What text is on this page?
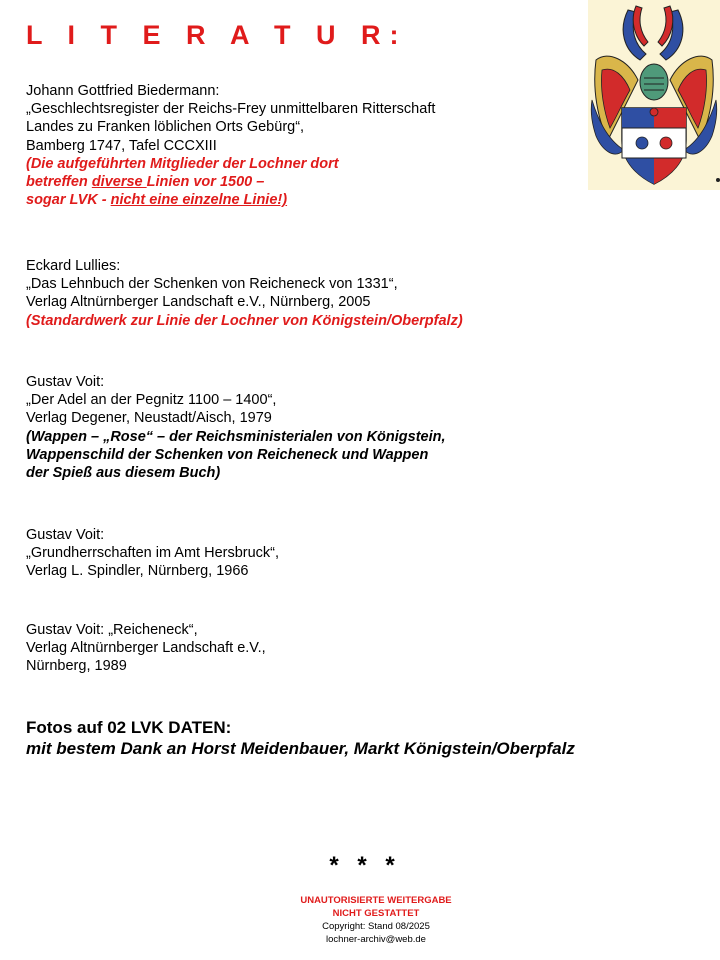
L I T E R A T U R:
Johann Gottfried Biedermann:
„Geschlechtsregister der Reichs-Frey unmittelbaren Ritterschaft
Landes zu Franken löblichen Orts Gebürg“,
Bamberg 1747, Tafel CCCXIII
(Die aufgeführten Mitglieder der Lochner dort
betreffen diverse Linien vor 1500 –
sogar LVK - nicht eine einzelne Linie!)
Eckard Lullies:
„Das Lehnbuch der Schenken von Reicheneck von 1331“,
Verlag Altnürnberger Landschaft e.V., Nürnberg, 2005
(Standardwerk zur Linie der Lochner von Königstein/Oberpfalz)
Gustav Voit:
„Der Adel an der Pegnitz 1100 – 1400“,
Verlag Degener, Neustadt/Aisch, 1979
(Wappen – „Rose“ – der Reichsministerialen von Königstein,
Wappenschild der Schenken von Reicheneck und Wappen
der Spieß aus diesem Buch)
Gustav Voit:
„Grundherrschaften im Amt Hersbruck“,
Verlag L. Spindler, Nürnberg, 1966
Gustav Voit: „Reicheneck“,
Verlag Altnürnberger Landschaft e.V.,
Nürnberg, 1989
Fotos auf 02 LVK DATEN:
mit bestem Dank an Horst Meidenbauer, Markt Königstein/Oberpfalz
* * *
UNAUTORISIERTE WEITERGABE
NICHT GESTATTET
Copyright: Stand 08/2025
lochner-archiv@web.de
